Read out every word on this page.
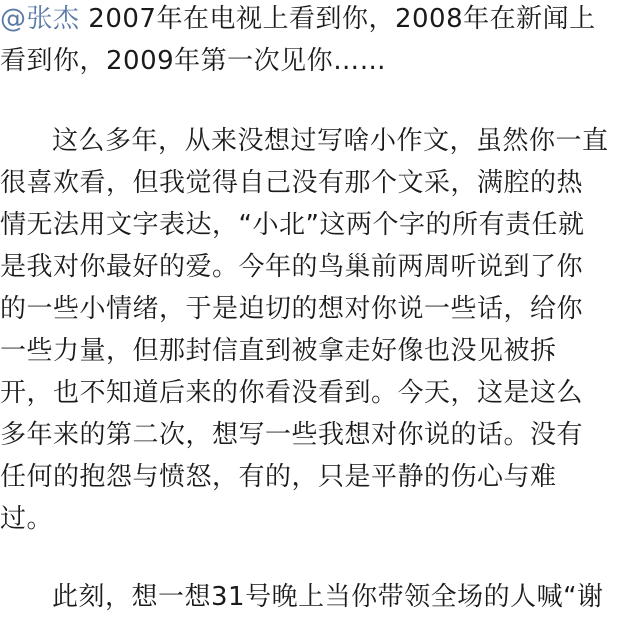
@张杰 2007年在电视上看到你，2008年在新闻上
看到你，2009年第一次见你……
这么多年，从来没想过写啥小作文，虽然你一直
很喜欢看，但我觉得自己没有那个文采，满腔的热
情无法用文字表达，“小北”这两个字的所有责任就
是我对你最好的爱。今年的鸟巢前两周听说到了你
的一些小情绪，于是迫切的想对你说一些话，给你
一些力量，但那封信直到被拿走好像也没见被拆
开，也不知道后来的你看没看到。今天，这是这么
多年来的第二次，想写一些我想对你说的话。没有
任何的抱怨与愤怒，有的，只是平静的伤心与难
过。
此刻，想一想31号晚上当你带领全场的人喊“谢
